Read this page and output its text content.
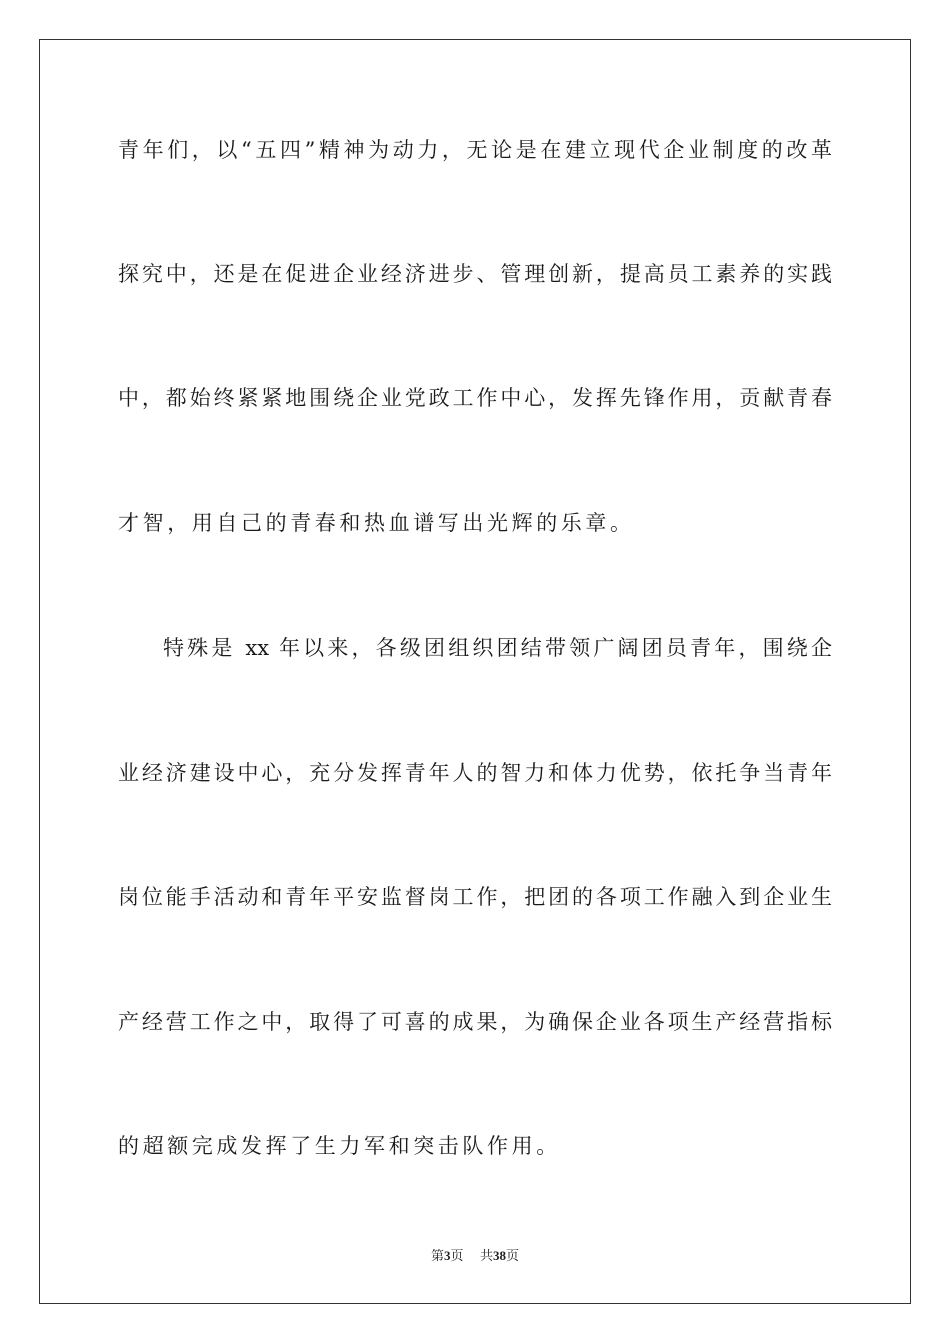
青年们，以“五四”精神为动力，无论是在建立现代企业制度的改革
探究中，还是在促进企业经济进步、管理创新，提高员工素养的实践
中，都始终紧紧地围绕企业党政工作中心，发挥先锋作用，贡献青春
才智，用自己的青春和热血谱写出光辉的乐章。
特殊是 xx 年以来，各级团组织团结带领广阔团员青年，围绕企
业经济建设中心，充分发挥青年人的智力和体力优势，依托争当青年
岗位能手活动和青年平安监督岗工作，把团的各项工作融入到企业生
产经营工作之中，取得了可喜的成果，为确保企业各项生产经营指标
的超额完成发挥了生力军和突击队作用。
第3页 共38页
